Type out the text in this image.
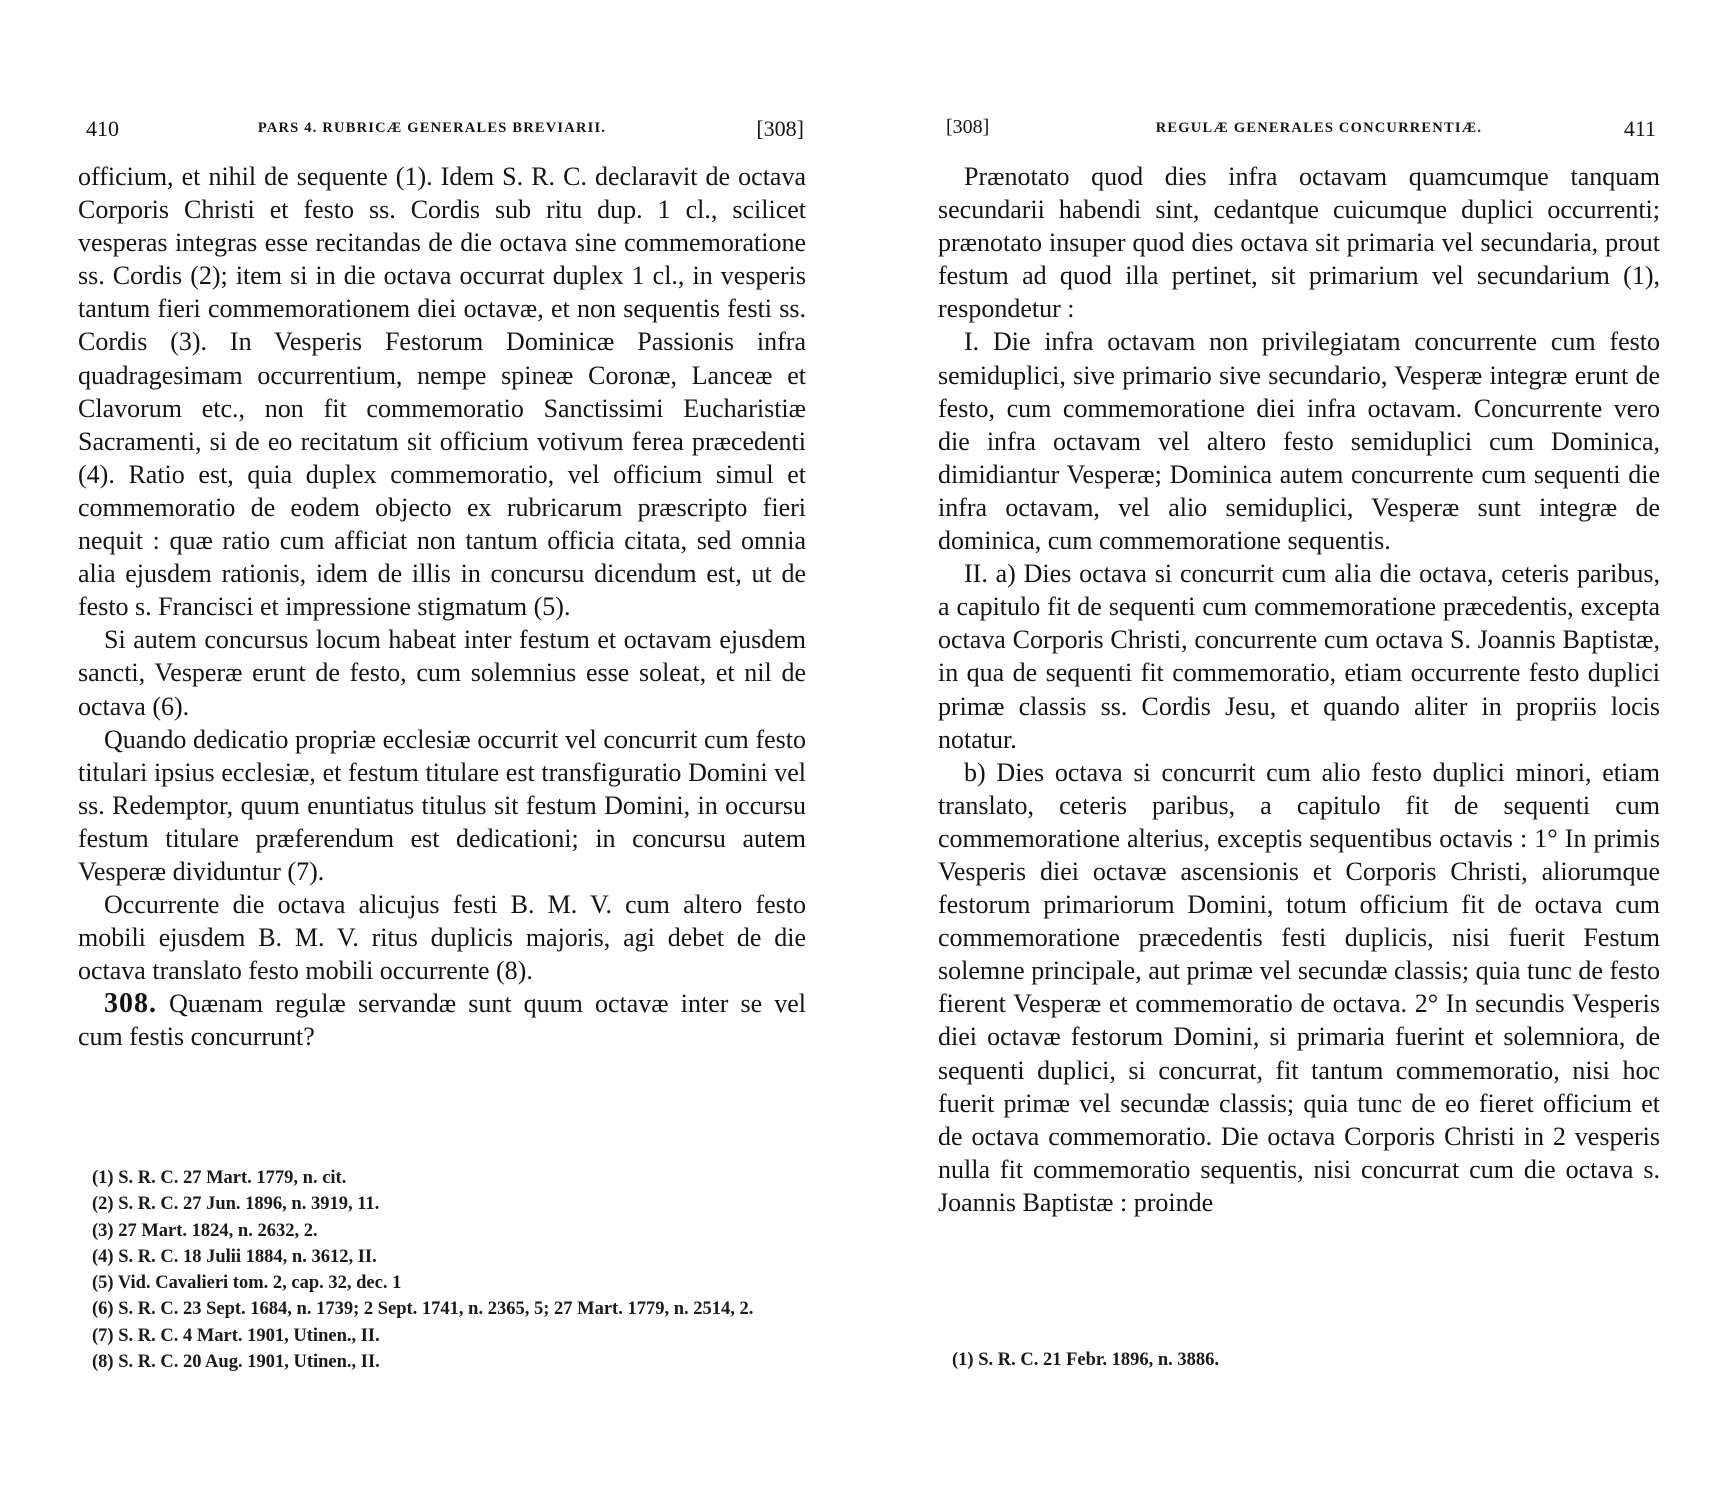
410	PARS 4. RUBRICÆ GENERALES BREVIARII.	[308]

officium, et nihil de sequente (1). Idem S. R. C. declaravit de octava Corporis Christi et festo ss. Cordis sub ritu dup. 1 cl., scilicet vesperas integras esse recitandas de die octava sine commemoratione ss. Cordis (2); item si in die octava occurrat duplex 1 cl., in vesperis tantum fieri commemorationem diei octavæ, et non sequentis festi ss. Cordis (3). In Vesperis Festorum Dominicæ Passionis infra quadragesimam occurrentium, nempe spineæ Coronæ, Lanceæ et Clavorum etc., non fit commemoratio Sanctissimi Eucharistiæ Sacramenti, si de eo recitatum sit officium votivum ferea præcedenti (4). Ratio est, quia duplex commemoratio, vel officium simul et commemoratio de eodem objecto ex rubricarum præscripto fieri nequit : quæ ratio cum afficiat non tantum officia citata, sed omnia alia ejusdem rationis, idem de illis in concursu dicendum est, ut de festo s. Francisci et impressione stigmatum (5).

Si autem concursus locum habeat inter festum et octavam ejusdem sancti, Vesperæ erunt de festo, cum solemnius esse soleat, et nil de octava (6).

Quando dedicatio propriæ ecclesiæ occurrit vel concurrit cum festo titulari ipsius ecclesiæ, et festum titulare est transfiguratio Domini vel ss. Redemptor, quum enuntiatus titulus sit festum Domini, in occursu festum titulare præferendum est dedicationi; in concursu autem Vesperæ dividuntur (7).

Occurrente die octava alicujus festi B. M. V. cum altero festo mobili ejusdem B. M. V. ritus duplicis majoris, agi debet de die octava translato festo mobili occurrente (8).

308. Quænam regulæ servandæ sunt quum octavæ inter se vel cum festis concurrunt?

(1) S. R. C. 27 Mart. 1779, n. cit.
(2) S. R. C. 27 Jun. 1896, n. 3919, 11.
(3) 27 Mart. 1824, n. 2632, 2.
(4) S. R. C. 18 Julii 1884, n. 3612, II.
(5) Vid. Cavalieri tom. 2, cap. 32, dec. 1
(6) S. R. C. 23 Sept. 1684, n. 1739; 2 Sept. 1741, n. 2365, 5; 27 Mart. 1779, n. 2514, 2.
(7) S. R. C. 4 Mart. 1901, Utinen., II.
(8) S. R. C. 20 Aug. 1901, Utinen., II.
[308]	REGULÆ GENERALES CONCURRENTIÆ.	411

Prænotato quod dies infra octavam quamcumque tanquam secundarii habendi sint, cedantque cuicumque duplici occurrenti; prænotato insuper quod dies octava sit primaria vel secundaria, prout festum ad quod illa pertinet, sit primarium vel secundarium (1), respondetur :

I. Die infra octavam non privilegiatam concurrente cum festo semiduplici, sive primario sive secundario, Vesperæ integræ erunt de festo, cum commemoratione diei infra octavam. Concurrente vero die infra octavam vel altero festo semiduplici cum Dominica, dimidiantur Vesperæ; Dominica autem concurrente cum sequenti die infra octavam, vel alio semiduplici, Vesperæ sunt integræ de dominica, cum commemoratione sequentis.

II. a) Dies octava si concurrit cum alia die octava, ceteris paribus, a capitulo fit de sequenti cum commemoratione præcedentis, excepta octava Corporis Christi, concurrente cum octava S. Joannis Baptistæ, in qua de sequenti fit commemoratio, etiam occurrente festo duplici primæ classis ss. Cordis Jesu, et quando aliter in propriis locis notatur.

b) Dies octava si concurrit cum alio festo duplici minori, etiam translato, ceteris paribus, a capitulo fit de sequenti cum commemoratione alterius, exceptis sequentibus octavis : 1° In primis Vesperis diei octavæ ascensionis et Corporis Christi, aliorumque festorum primariorum Domini, totum officium fit de octava cum commemoratione præcedentis festi duplicis, nisi fuerit Festum solemne principale, aut primæ vel secundæ classis; quia tunc de festo fierent Vesperæ et commemoratio de octava. 2° In secundis Vesperis diei octavæ festorum Domini, si primaria fuerint et solemniora, de sequenti duplici, si concurrat, fit tantum commemoratio, nisi hoc fuerit primæ vel secundæ classis; quia tunc de eo fieret officium et de octava commemoratio. Die octava Corporis Christi in 2 vesperis nulla fit commemoratio sequentis, nisi concurrat cum die octava s. Joannis Baptistæ : proinde

(1) S. R. C. 21 Febr. 1896, n. 3886.
